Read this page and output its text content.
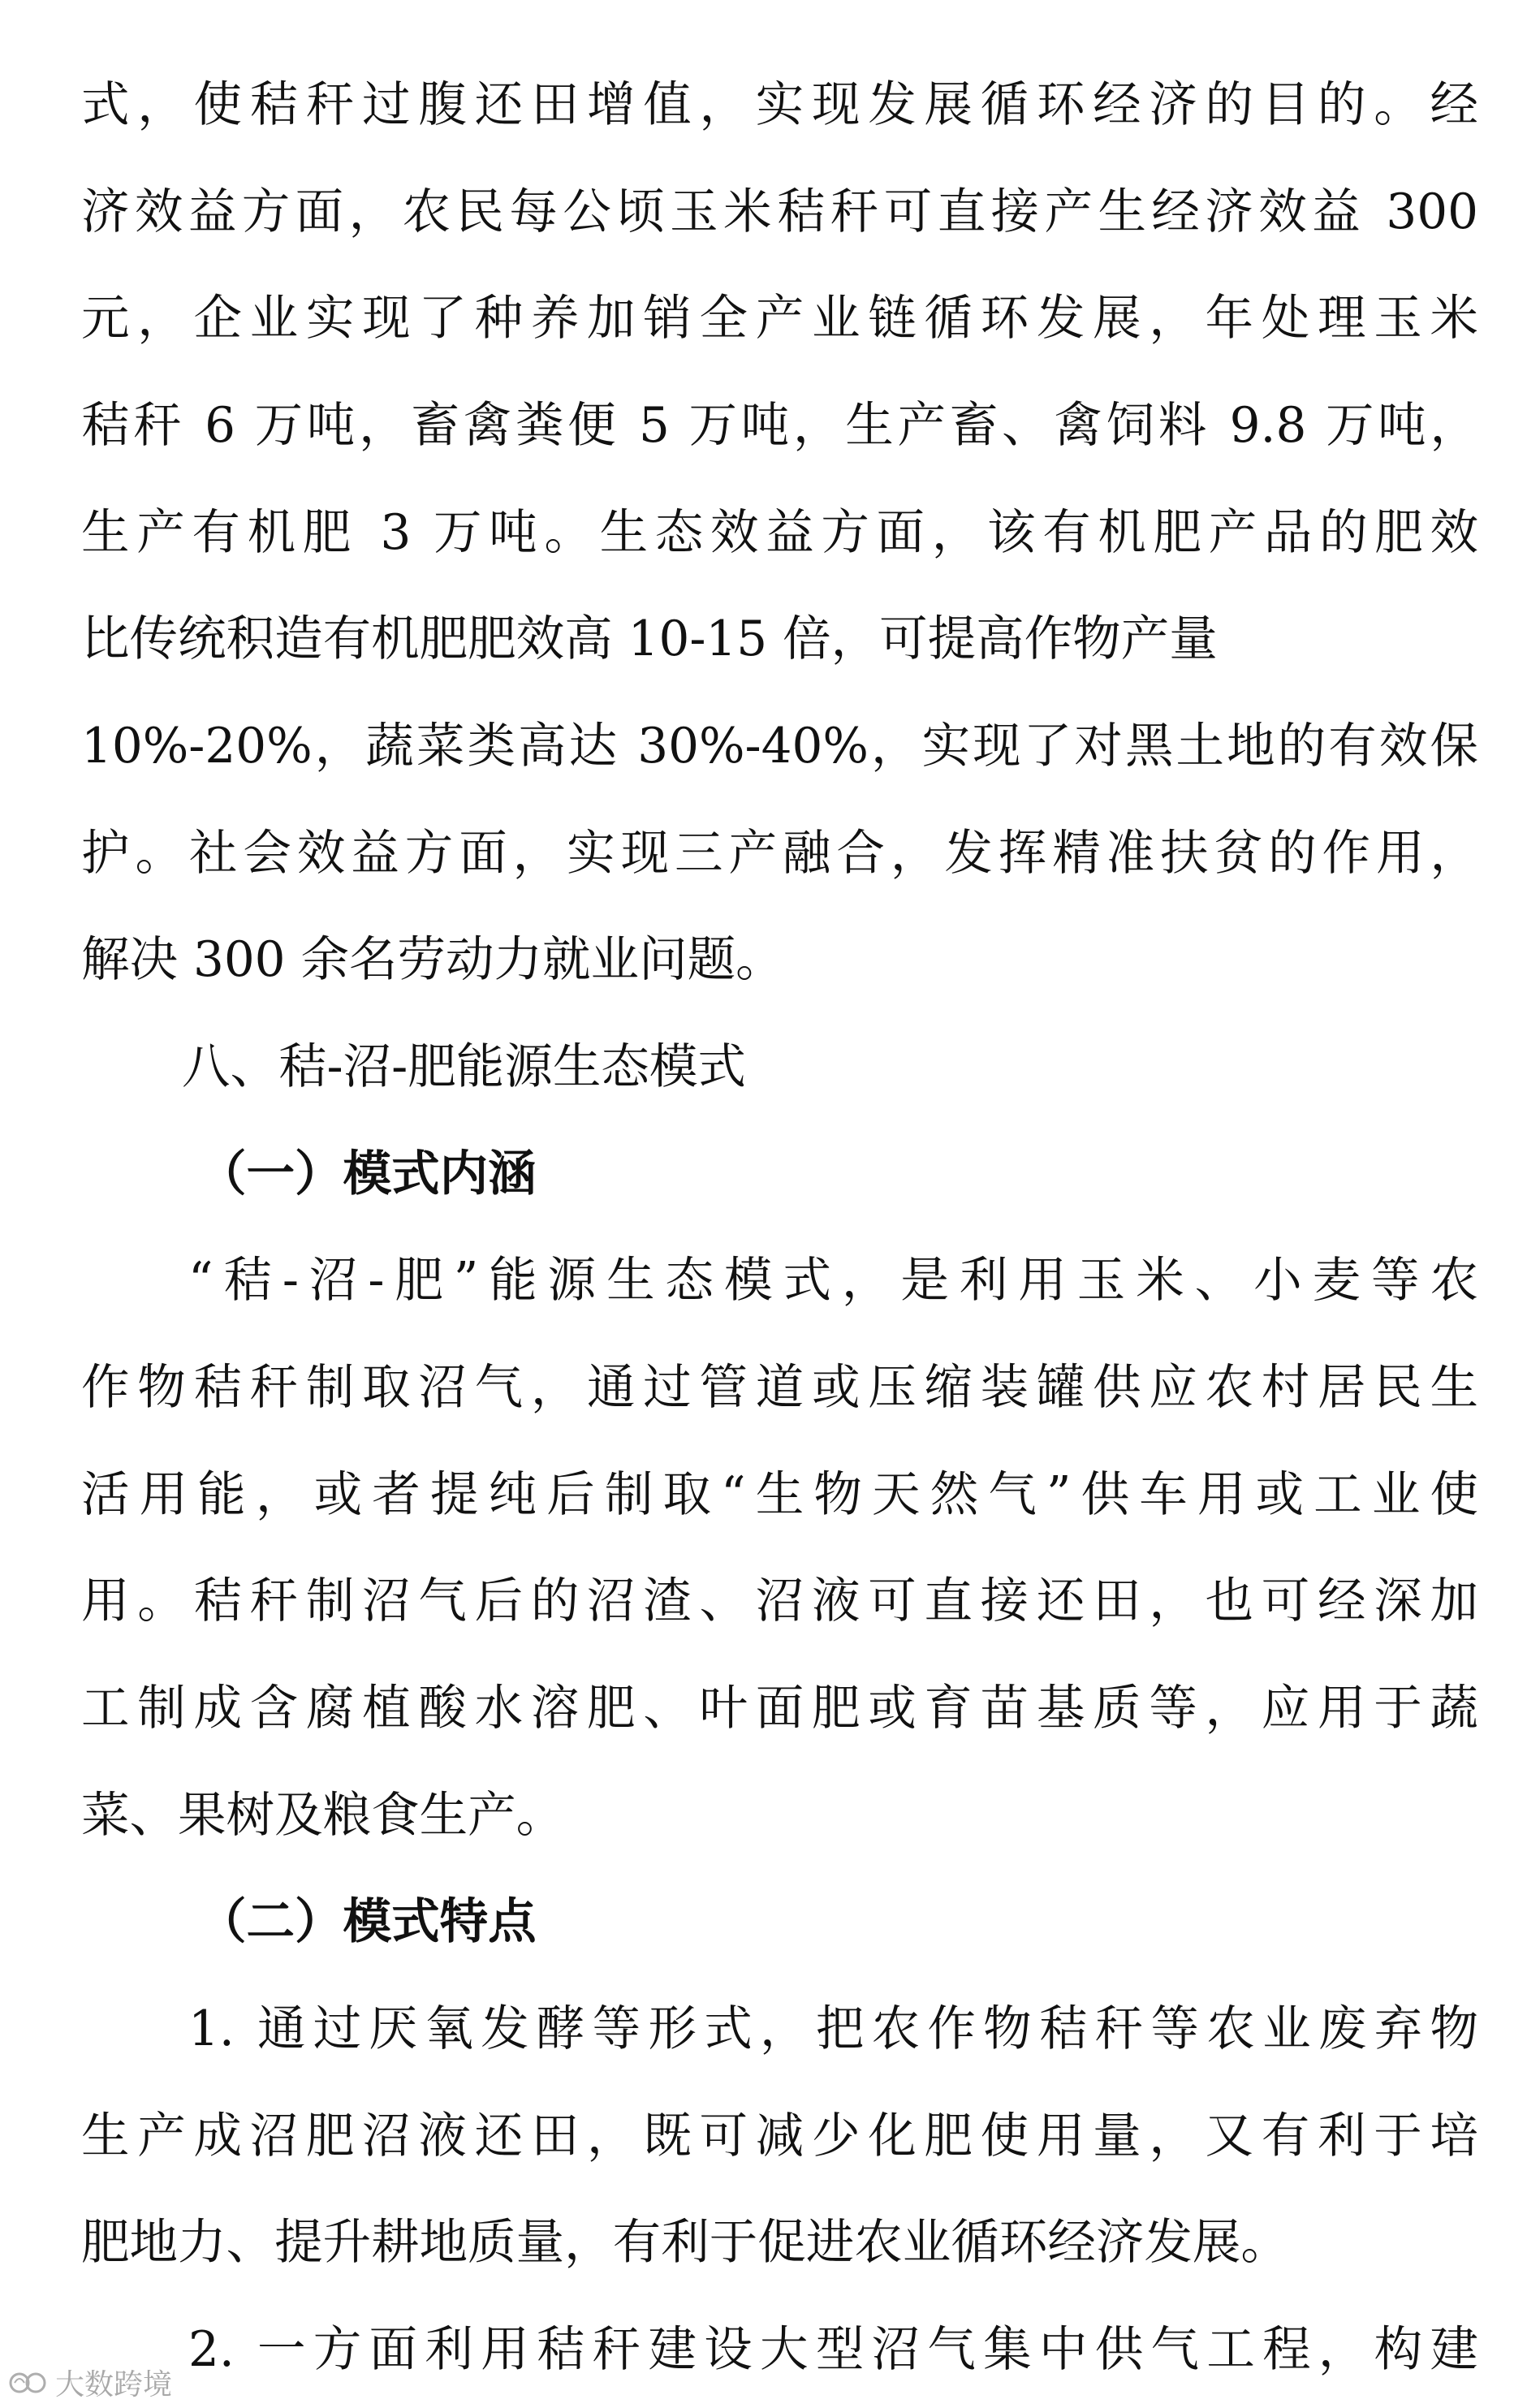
式，使秸秆过腹还田增值，实现发展循环经济的目的。经
济效益方面，农民每公顷玉米秸秆可直接产生经济效益 300
元，企业实现了种养加销全产业链循环发展，年处理玉米
秸秆 6 万吨，畜禽粪便 5 万吨，生产畜、禽饲料 9.8 万吨，
生产有机肥 3 万吨。生态效益方面，该有机肥产品的肥效
比传统积造有机肥肥效高 10-15 倍，可提高作物产量
10%-20%，蔬菜类高达 30%-40%，实现了对黑土地的有效保
护。社会效益方面，实现三产融合，发挥精准扶贫的作用，
解决 300 余名劳动力就业问题。
八、秸-沼-肥能源生态模式
（一）模式内涵
“秸-沼-肥”能源生态模式，是利用玉米、小麦等农
作物秸秆制取沼气，通过管道或压缩装罐供应农村居民生
活用能，或者提纯后制取“生物天然气”供车用或工业使
用。秸秆制沼气后的沼渣、沼液可直接还田，也可经深加
工制成含腐植酸水溶肥、叶面肥或育苗基质等，应用于蔬
菜、果树及粮食生产。
（二）模式特点
1. 通过厌氧发酵等形式，把农作物秸秆等农业废弃物
生产成沼肥沼液还田，既可减少化肥使用量，又有利于培
肥地力、提升耕地质量，有利于促进农业循环经济发展。
2. 一方面利用秸秆建设大型沼气集中供气工程，构建
大数跨境
